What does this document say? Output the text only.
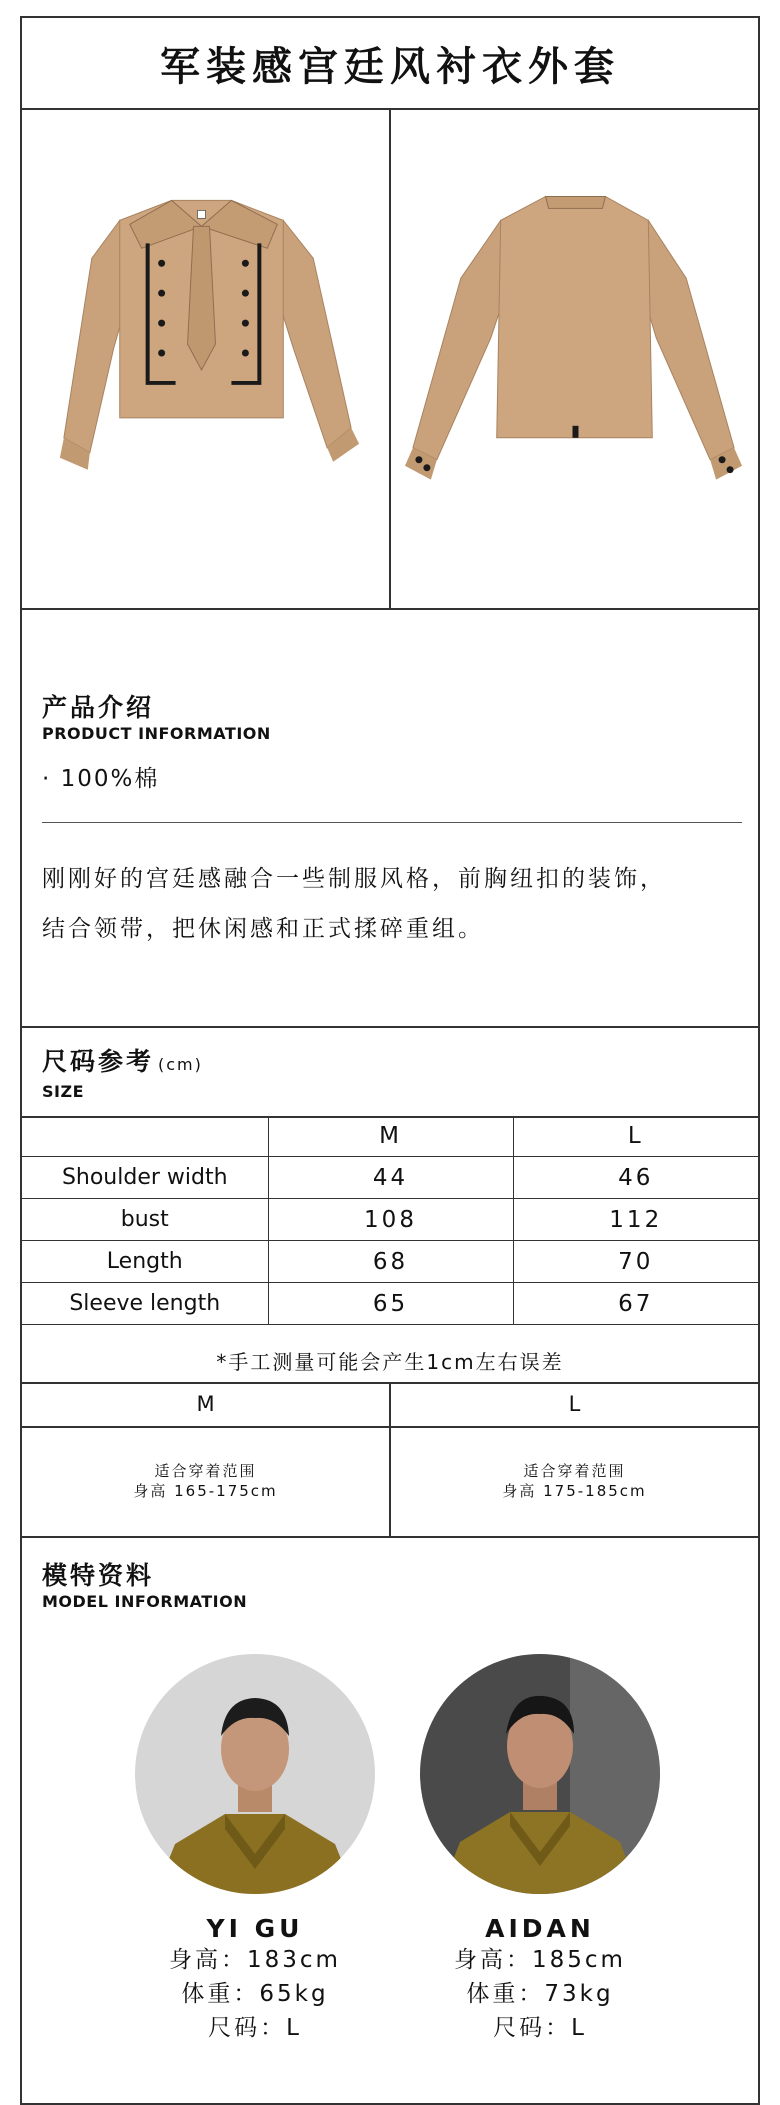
军装感宫廷风衬衣外套
产品介绍
PRODUCT INFORMATION
· 100%棉
刚刚好的宫廷感融合一些制服风格，前胸纽扣的装饰，
结合领带，把休闲感和正式揉碎重组。
尺码参考 (cm)
SIZE
	M	L
Shoulder width	44	46
bust	108	112
Length	68	70
Sleeve length	65	67
*手工测量可能会产生1cm左右误差
M	L
适合穿着范围
身高 165-175cm
适合穿着范围
身高 175-185cm
模特资料
MODEL INFORMATION
YI GU
身高：183cm
体重：65kg
尺码：L
AIDAN
身高：185cm
体重：73kg
尺码：L
